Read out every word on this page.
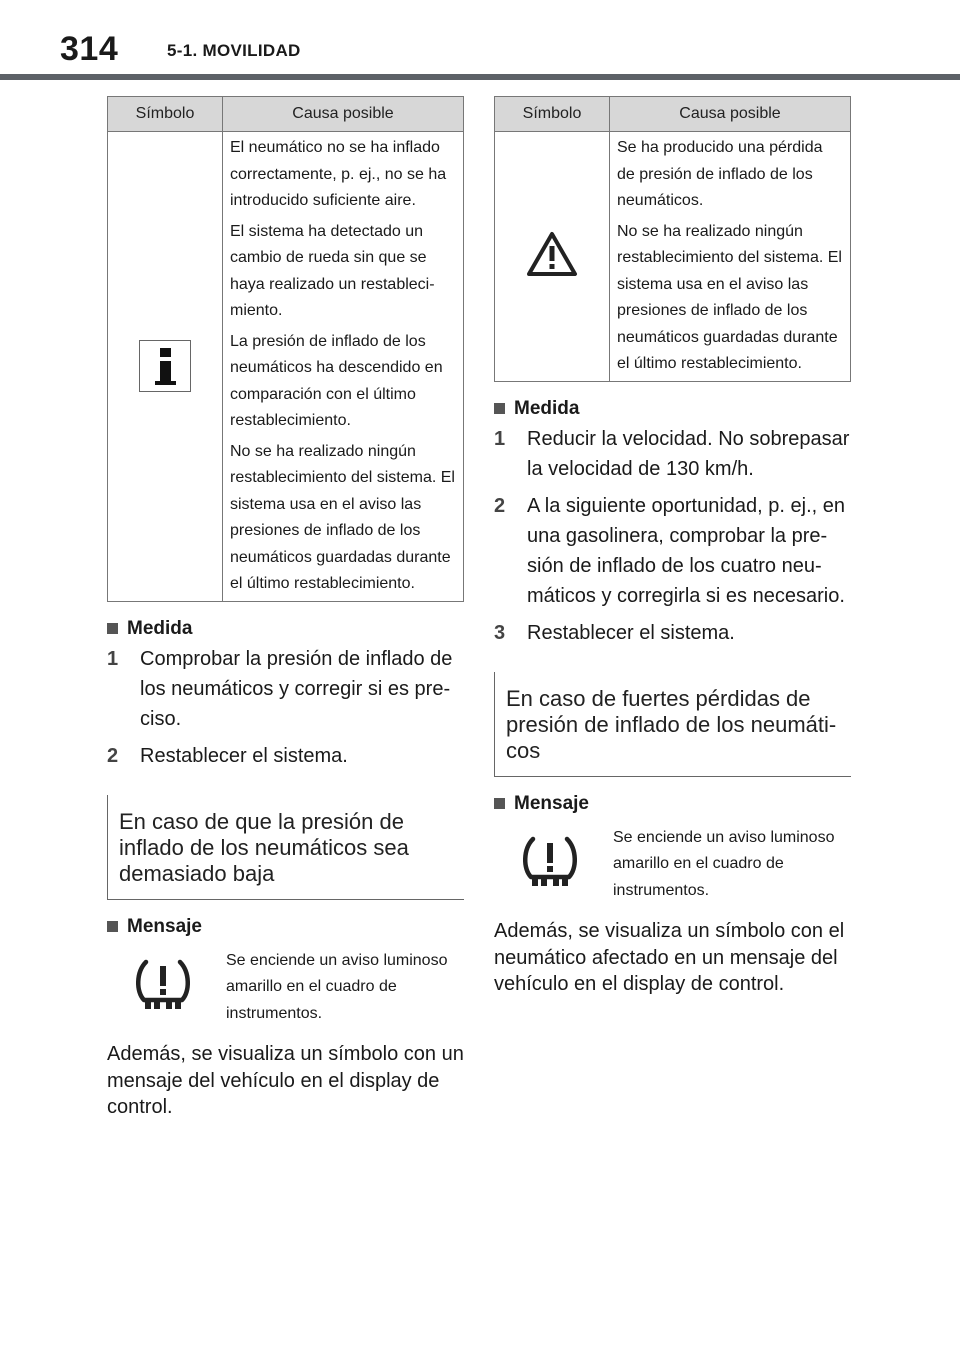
314	5-1. MOVILIDAD
Símbolo	Causa posible

	El neumático no se ha inflado correctamente, p. ej., no se ha introducido suficiente aire.

El sistema ha detectado un cambio de rueda sin que se haya realizado un restablecimiento.

La presión de inflado de los neumáticos ha descendido en comparación con el último restablecimiento.

No se ha realizado ningún restablecimiento del sistema. El sistema usa en el aviso las presiones de inflado de los neumáticos guardadas durante el último restablecimiento.

Medida
1	Comprobar la presión de inflado de los neumáticos y corregir si es preciso.
2	Restablecer el sistema.
En caso de que la presión de inflado de los neumáticos sea demasiado baja
Mensaje
Se enciende un aviso luminoso amarillo en el cuadro de instrumentos.
Además, se visualiza un símbolo con un mensaje del vehículo en el display de control.
Símbolo	Causa posible

Se ha producido una pérdida de presión de inflado de los neumáticos.

No se ha realizado ningún restablecimiento del sistema. El sistema usa en el aviso las presiones de inflado de los neumáticos guardadas durante el último restablecimiento.

Medida
1	Reducir la velocidad. No sobrepasar la velocidad de 130 km/h.
2	A la siguiente oportunidad, p. ej., en una gasolinera, comprobar la presión de inflado de los cuatro neumáticos y corregirla si es necesario.
3	Restablecer el sistema.
En caso de fuertes pérdidas de presión de inflado de los neumáticos
Mensaje
Se enciende un aviso luminoso amarillo en el cuadro de instrumentos.
Además, se visualiza un símbolo con el neumático afectado en un mensaje del vehículo en el display de control.
